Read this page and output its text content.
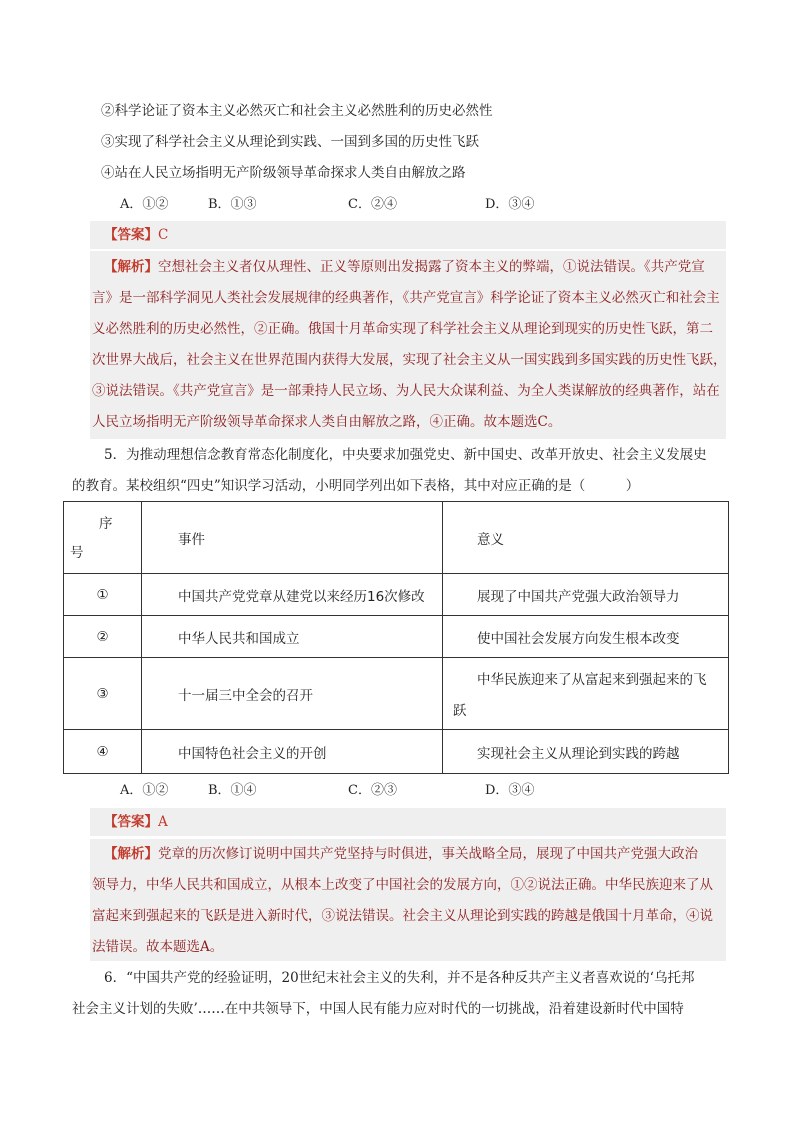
②科学论证了资本主义必然灭亡和社会主义必然胜利的历史必然性
③实现了科学社会主义从理论到实践、一国到多国的历史性飞跃
④站在人民立场指明无产阶级领导革命探求人类自由解放之路
A．①②	B．①③	C．②④	D．③④
【答案】C
【解析】空想社会主义者仅从理性、正义等原则出发揭露了资本主义的弊端，①说法错误。《共产党宣
言》是一部科学洞见人类社会发展规律的经典著作，《共产党宣言》科学论证了资本主义必然灭亡和社会主
义必然胜利的历史必然性，②正确。俄国十月革命实现了科学社会主义从理论到现实的历史性飞跃，第二
次世界大战后，社会主义在世界范围内获得大发展，实现了社会主义从一国实践到多国实践的历史性飞跃，
③说法错误。《共产党宣言》是一部秉持人民立场、为人民大众谋利益、为全人类谋解放的经典著作，站在
人民立场指明无产阶级领导革命探求人类自由解放之路，④正确。故本题选C。
5．为推动理想信念教育常态化制度化，中央要求加强党史、新中国史、改革开放史、社会主义发展史
的教育。某校组织“四史”知识学习活动，小明同学列出如下表格，其中对应正确的是（　　　）
序
号	事件	意义
①	中国共产党党章从建党以来经历16次修改	展现了中国共产党强大政治领导力
②	中华人民共和国成立	使中国社会发展方向发生根本改变
③	十一届三中全会的召开	中华民族迎来了从富起来到强起来的飞跃

④	中国特色社会主义的开创	实现社会主义从理论到实践的跨越
A．①②	B．①④	C．②③	D．③④
【答案】A
【解析】党章的历次修订说明中国共产党坚持与时俱进，事关战略全局，展现了中国共产党强大政治
领导力，中华人民共和国成立，从根本上改变了中国社会的发展方向，①②说法正确。中华民族迎来了从
富起来到强起来的飞跃是进入新时代，③说法错误。社会主义从理论到实践的跨越是俄国十月革命，④说
法错误。故本题选A。
6．“中国共产党的经验证明，20世纪末社会主义的失利，并不是各种反共产主义者喜欢说的‘乌托邦
社会主义计划的失败’……在中共领导下，中国人民有能力应对时代的一切挑战，沿着建设新时代中国特
